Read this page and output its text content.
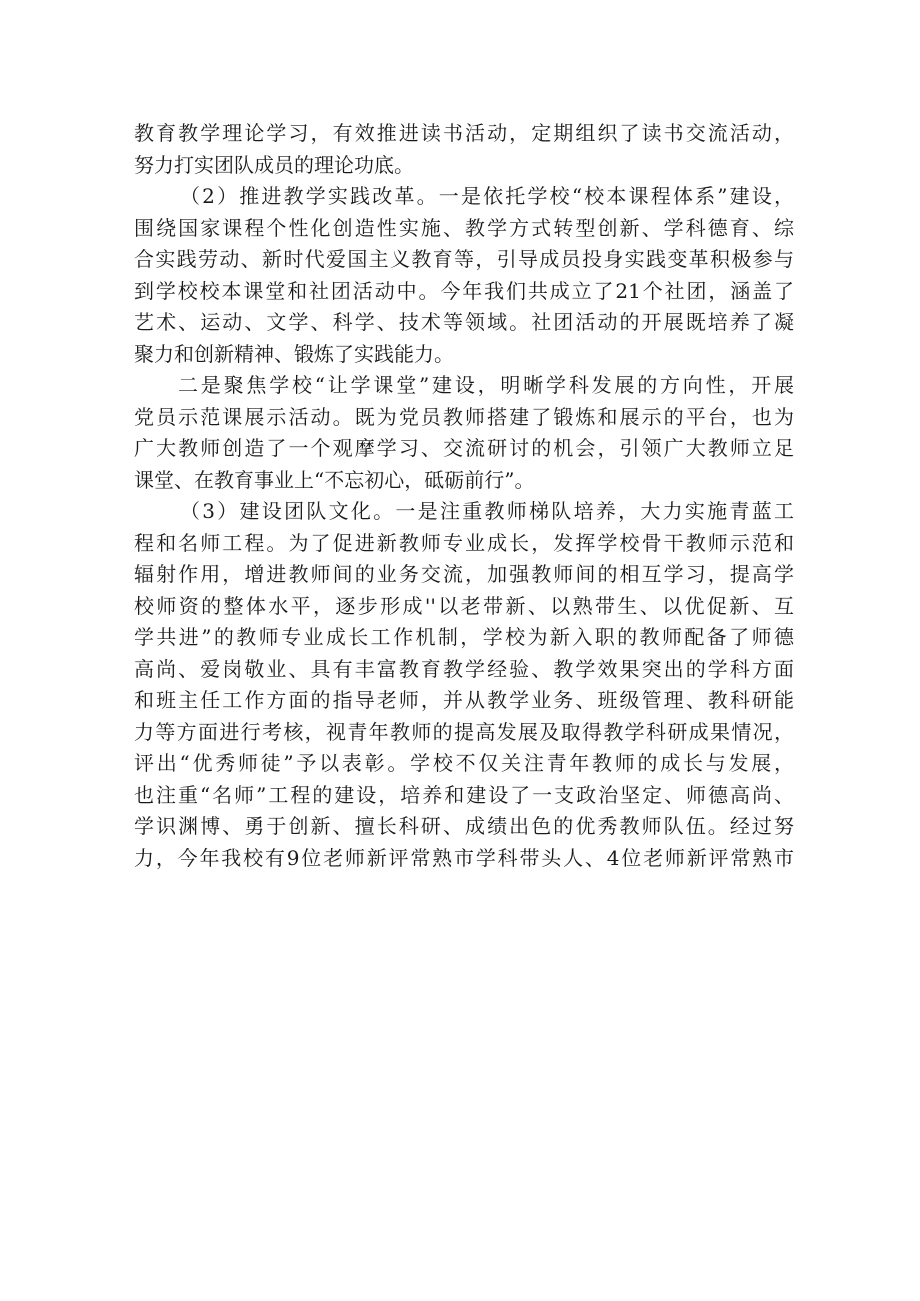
教育教学理论学习，有效推进读书活动，定期组织了读书交流活动，
努力打实团队成员的理论功底。

（2）推进教学实践改革。一是依托学校“校本课程体系”建设，
围绕国家课程个性化创造性实施、教学方式转型创新、学科德育、综
合实践劳动、新时代爱国主义教育等，引导成员投身实践变革积极参与
到学校校本课堂和社团活动中。今年我们共成立了21个社团，涵盖了
艺术、运动、文学、科学、技术等领域。社团活动的开展既培养了凝
聚力和创新精神、锻炼了实践能力。

二是聚焦学校“让学课堂”建设，明晰学科发展的方向性，开展
党员示范课展示活动。既为党员教师搭建了锻炼和展示的平台，也为
广大教师创造了一个观摩学习、交流研讨的机会，引领广大教师立足
课堂、在教育事业上“不忘初心，砥砺前行”。

（3）建设团队文化。一是注重教师梯队培养，大力实施青蓝工
程和名师工程。为了促进新教师专业成长，发挥学校骨干教师示范和
辐射作用，增进教师间的业务交流，加强教师间的相互学习，提高学
校师资的整体水平，逐步形成''以老带新、以熟带生、以优促新、互
学共进”的教师专业成长工作机制，学校为新入职的教师配备了师德
高尚、爱岗敬业、具有丰富教育教学经验、教学效果突出的学科方面
和班主任工作方面的指导老师，并从教学业务、班级管理、教科研能
力等方面进行考核，视青年教师的提高发展及取得教学科研成果情况，
评出“优秀师徒”予以表彰。学校不仅关注青年教师的成长与发展，
也注重“名师”工程的建设，培养和建设了一支政治坚定、师德高尚、
学识渊博、勇于创新、擅长科研、成绩出色的优秀教师队伍。经过努
力，今年我校有9位老师新评常熟市学科带头人、4位老师新评常熟市
